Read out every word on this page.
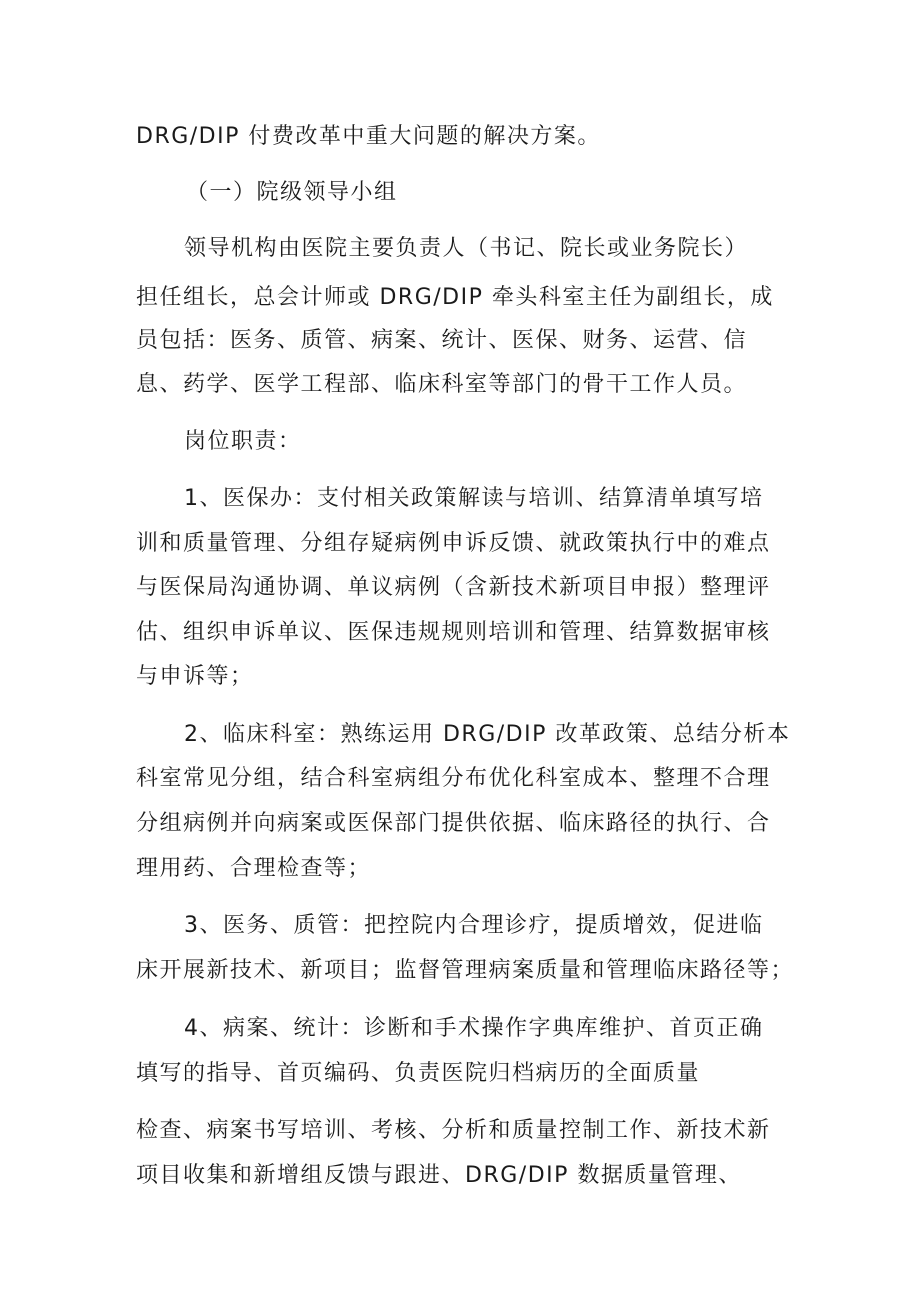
DRG/DIP 付费改革中重大问题的解决方案。
（一）院级领导小组
领导机构由医院主要负责人（书记、院长或业务院长）
担任组长，总会计师或 DRG/DIP 牵头科室主任为副组长，成
员包括：医务、质管、病案、统计、医保、财务、运营、信
息、药学、医学工程部、临床科室等部门的骨干工作人员。
岗位职责：
1、医保办：支付相关政策解读与培训、结算清单填写培
训和质量管理、分组存疑病例申诉反馈、就政策执行中的难点
与医保局沟通协调、单议病例（含新技术新项目申报）整理评
估、组织申诉单议、医保违规规则培训和管理、结算数据审核
与申诉等；
2、临床科室：熟练运用 DRG/DIP 改革政策、总结分析本
科室常见分组，结合科室病组分布优化科室成本、整理不合理
分组病例并向病案或医保部门提供依据、临床路径的执行、合
理用药、合理检查等；
3、医务、质管：把控院内合理诊疗，提质增效，促进临
床开展新技术、新项目；监督管理病案质量和管理临床路径等；
4、病案、统计：诊断和手术操作字典库维护、首页正确
填写的指导、首页编码、负责医院归档病历的全面质量
检查、病案书写培训、考核、分析和质量控制工作、新技术新
项目收集和新增组反馈与跟进、DRG/DIP 数据质量管理、
